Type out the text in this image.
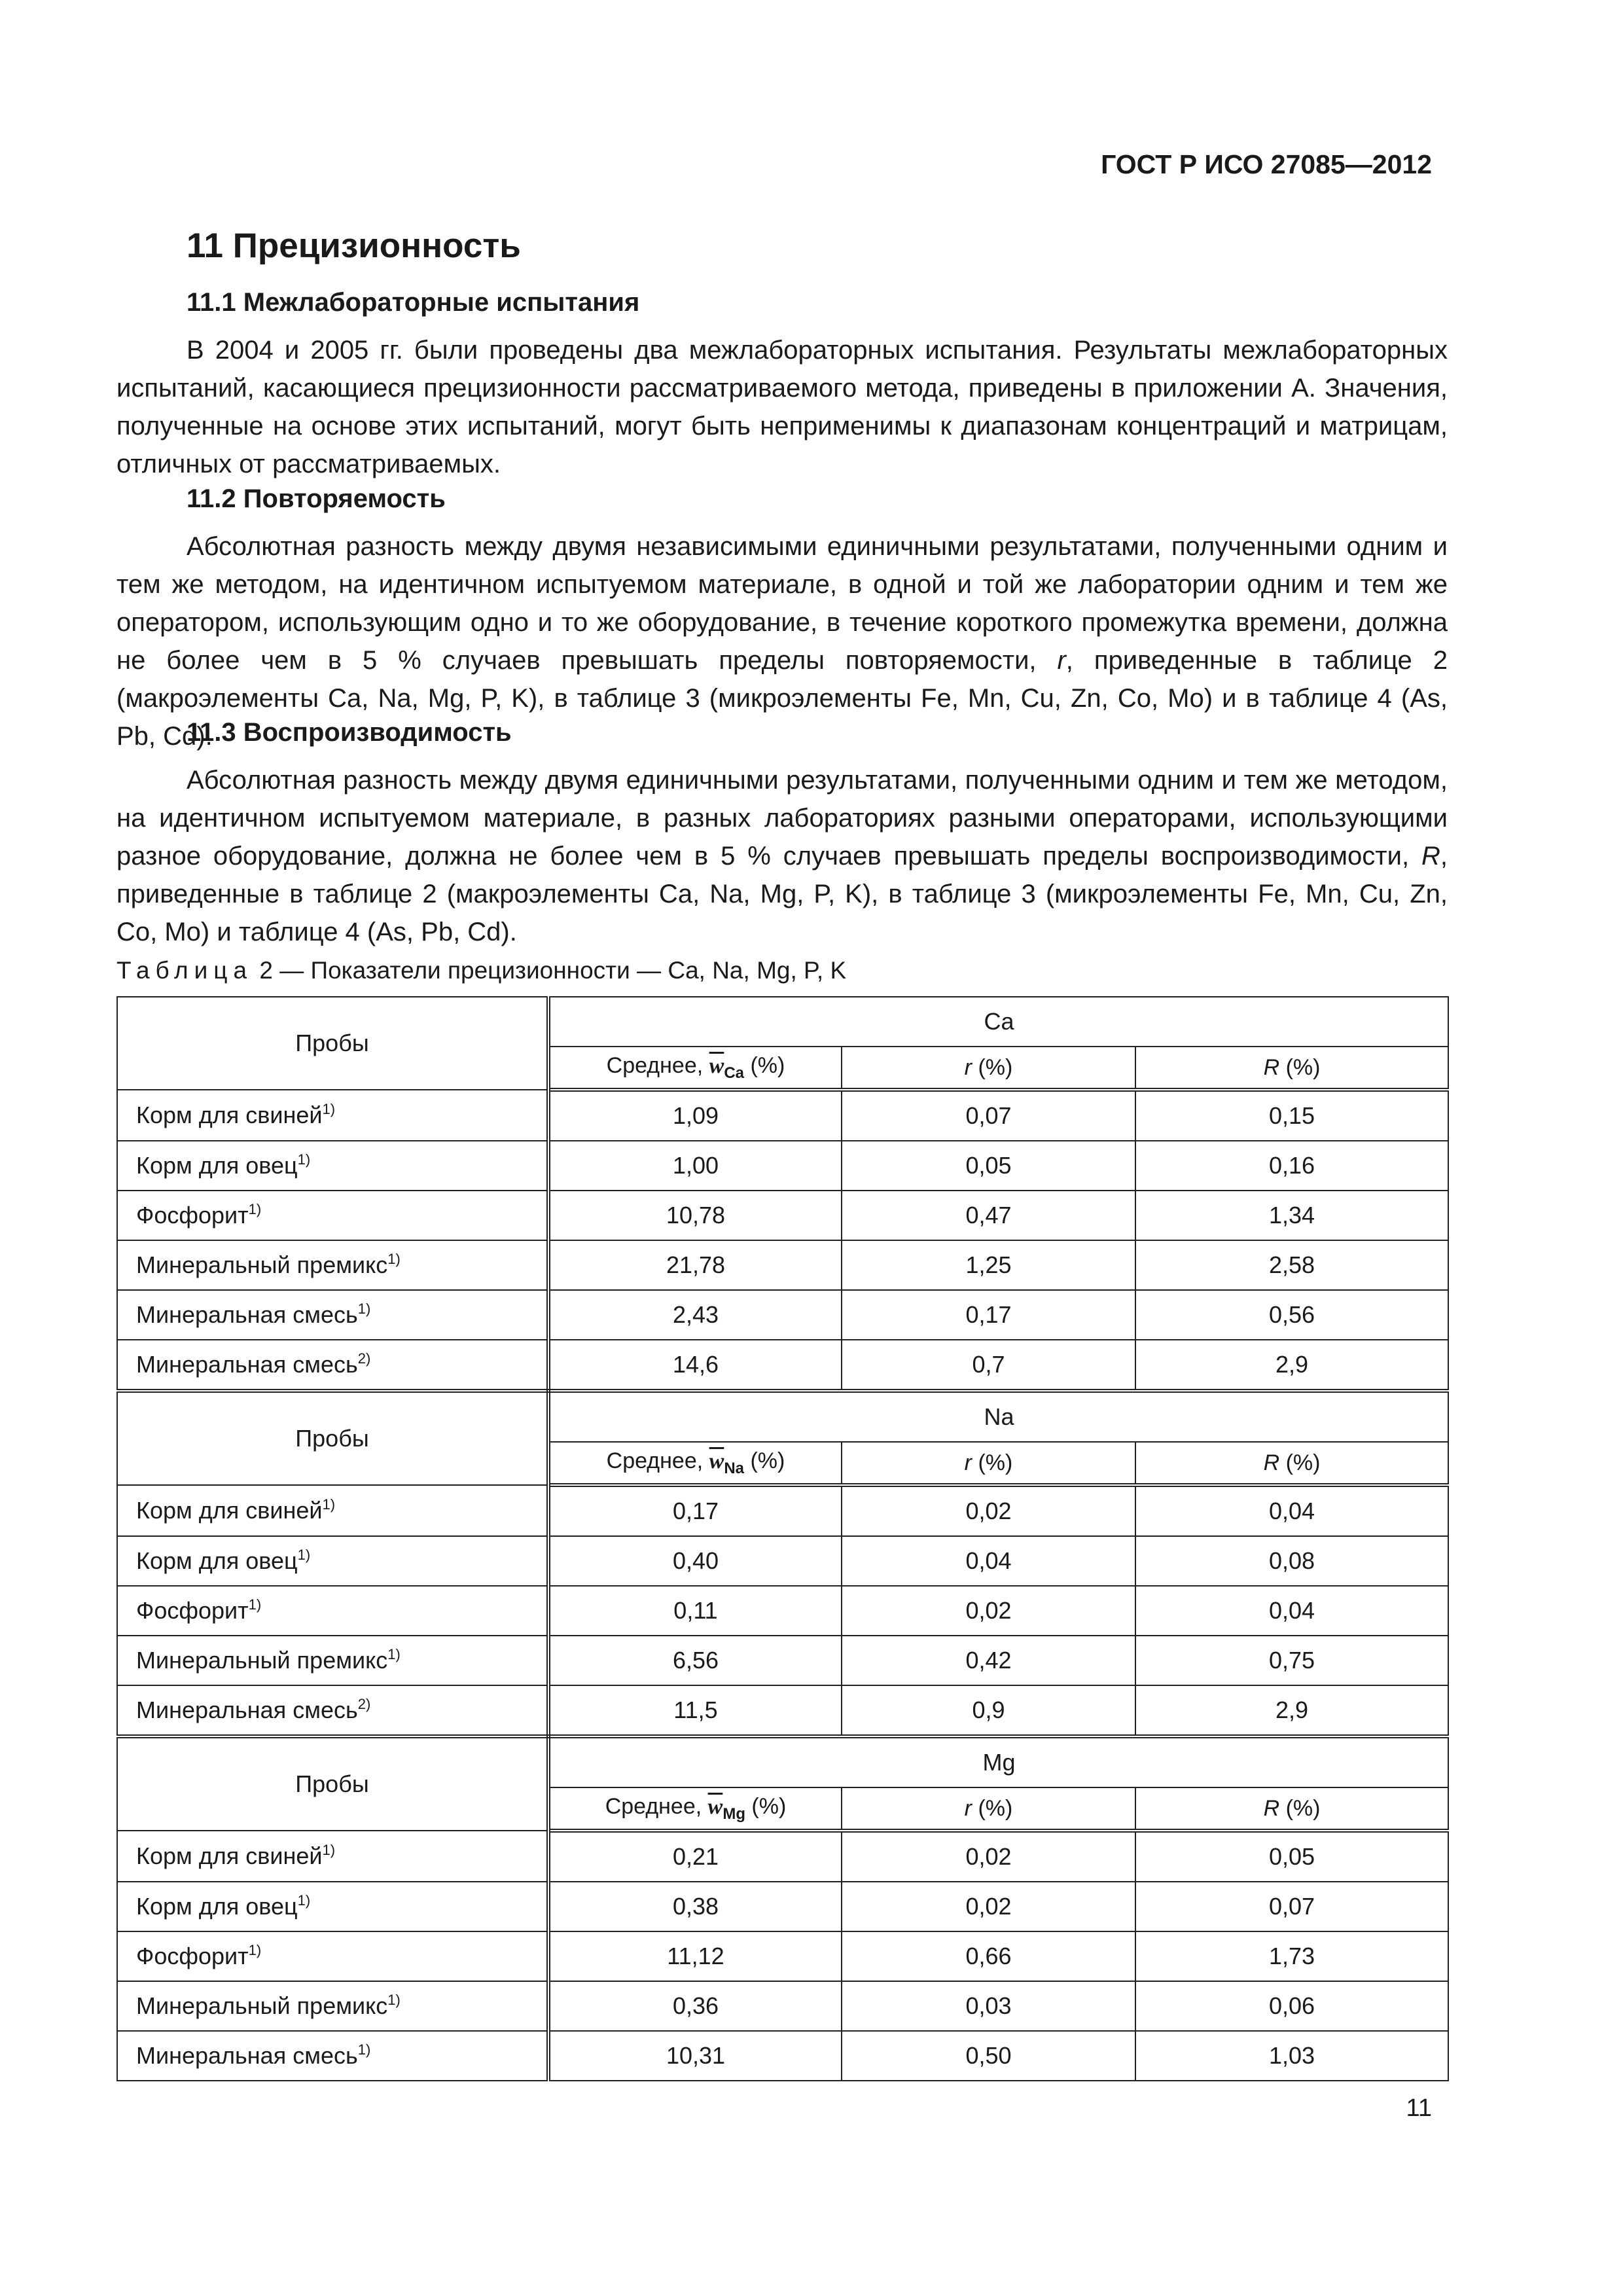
ГОСТ Р ИСО 27085—2012
11 Прецизионность
11.1 Межлабораторные испытания

В 2004 и 2005 гг. были проведены два межлабораторных испытания. Результаты межлабораторных испытаний, касающиеся прецизионности рассматриваемого метода, приведены в приложении А. Значения, полученные на основе этих испытаний, могут быть неприменимы к диапазонам концентраций и матрицам, отличных от рассматриваемых.

11.2 Повторяемость

Абсолютная разность между двумя независимыми единичными результатами, полученными одним и тем же методом, на идентичном испытуемом материале, в одной и той же лаборатории одним и тем же оператором, использующим одно и то же оборудование, в течение короткого промежутка времени, должна не более чем в 5 % случаев превышать пределы повторяемости, r, приведенные в таблице 2 (макроэлементы Ca, Na, Mg, P, K), в таблице 3 (микроэлементы Fe, Mn, Cu, Zn, Co, Mo) и в таблице 4 (As, Pb, Cd).

11.3 Воспроизводимость

Абсолютная разность между двумя единичными результатами, полученными одним и тем же методом, на идентичном испытуемом материале, в разных лабораториях разными операторами, использующими разное оборудование, должна не более чем в 5 % случаев превышать пределы воспроизводимости, R, приведенные в таблице 2 (макроэлементы Ca, Na, Mg, P, K), в таблице 3 (микроэлементы Fe, Mn, Cu, Zn, Co, Mo) и таблице 4 (As, Pb, Cd).

Таблица 2 — Показатели прецизионности — Ca, Na, Mg, P, K
Пробы	Ca		
	Среднее, $\overline{w}_{Ca}$ (%)	r (%)	R (%)
Корм для свиней$^{1)}$	1,09	0,07	0,15
Корм для овец$^{1)}$	1,00	0,05	0,16
Фосфорит$^{1)}$	10,78	0,47	1,34
Минеральный премикс$^{1)}$	21,78	1,25	2,58
Минеральная смесь$^{1)}$	2,43	0,17	0,56
Минеральная смесь$^{2)}$	14,6	0,7	2,9
Пробы	Na		
	Среднее, $\overline{w}_{Na}$ (%)	r (%)	R (%)
Корм для свиней$^{1)}$	0,17	0,02	0,04
Корм для овец$^{1)}$	0,40	0,04	0,08
Фосфорит$^{1)}$	0,11	0,02	0,04
Минеральный премикс$^{1)}$	6,56	0,42	0,75
Минеральная смесь$^{2)}$	11,5	0,9	2,9
Пробы	Mg		
	Среднее, $\overline{w}_{Mg}$ (%)	r (%)	R (%)
Корм для свиней$^{1)}$	0,21	0,02	0,05
Корм для овец$^{1)}$	0,38	0,02	0,07
Фосфорит$^{1)}$	11,12	0,66	1,73
Минеральный премикс$^{1)}$	0,36	0,03	0,06
Минеральная смесь$^{1)}$	10,31	0,50	1,03
11
